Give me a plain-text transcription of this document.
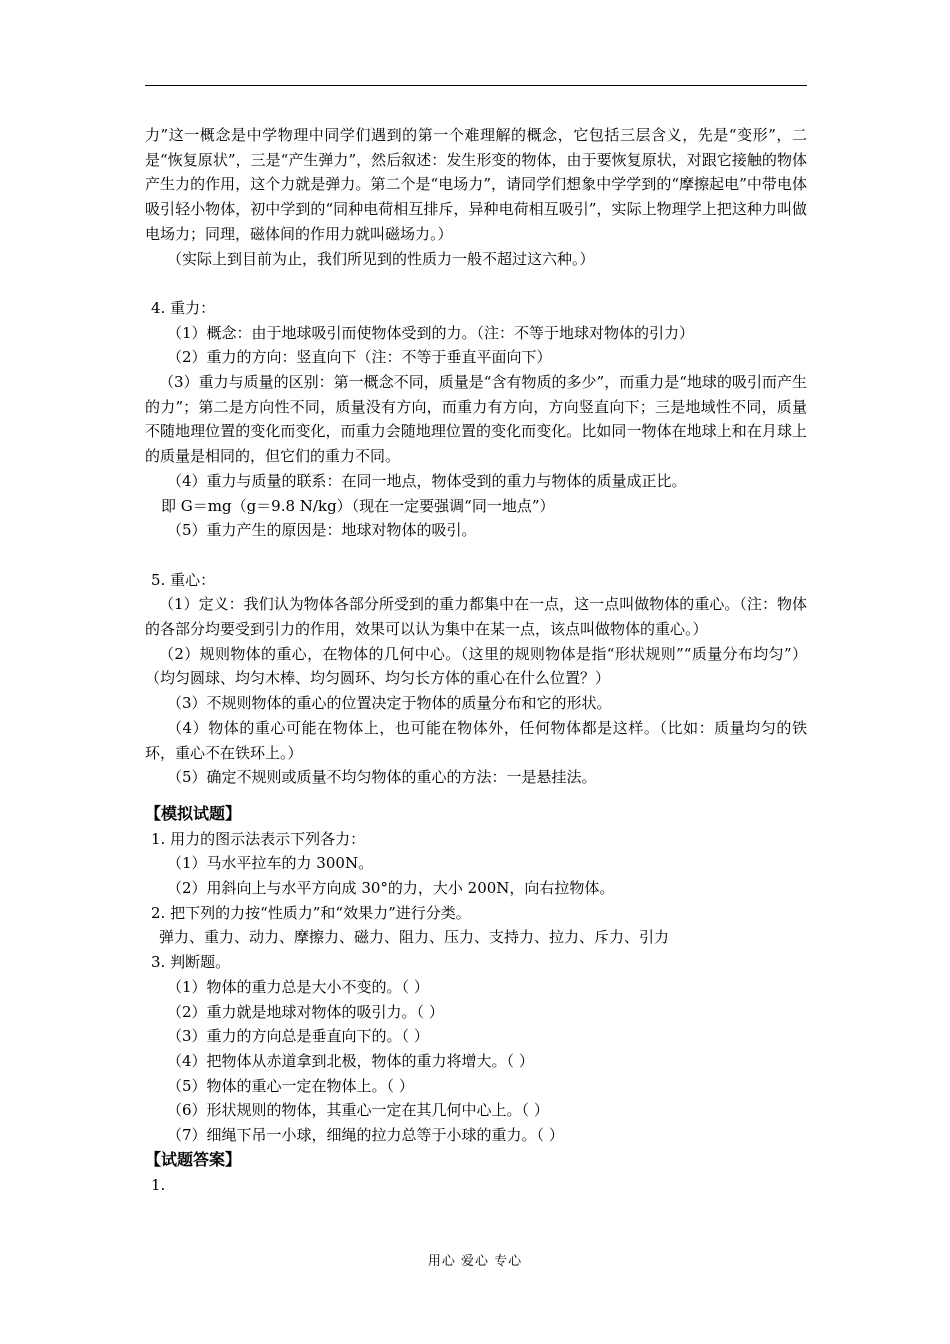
力”这一概念是中学物理中同学们遇到的第一个难理解的概念，它包括三层含义，先是“变形”，二是“恢复原状”，三是“产生弹力”，然后叙述：发生形变的物体，由于要恢复原状，对跟它接触的物体产生力的作用，这个力就是弹力。第二个是“电场力”，请同学们想象中学学到的“摩擦起电”中带电体吸引轻小物体，初中学到的“同种电荷相互排斥，异种电荷相互吸引”，实际上物理学上把这种力叫做电场力；同理，磁体间的作用力就叫磁场力。）

（实际上到目前为止，我们所见到的性质力一般不超过这六种。）

4. 重力：

（1）概念：由于地球吸引而使物体受到的力。（注：不等于地球对物体的引力）

（2）重力的方向：竖直向下（注：不等于垂直平面向下）

（3）重力与质量的区别：第一概念不同，质量是“含有物质的多少”，而重力是“地球的吸引而产生的力”；第二是方向性不同，质量没有方向，而重力有方向，方向竖直向下；三是地域性不同，质量不随地理位置的变化而变化，而重力会随地理位置的变化而变化。比如同一物体在地球上和在月球上的质量是相同的，但它们的重力不同。

（4）重力与质量的联系：在同一地点，物体受到的重力与物体的质量成正比。

即 G＝mg（g＝9.8 N/kg）（现在一定要强调“同一地点”）

（5）重力产生的原因是：地球对物体的吸引。

5. 重心：

（1）定义：我们认为物体各部分所受到的重力都集中在一点，这一点叫做物体的重心。（注：物体的各部分均要受到引力的作用，效果可以认为集中在某一点，该点叫做物体的重心。）

（2）规则物体的重心，在物体的几何中心。（这里的规则物体是指“形状规则”“质量分布均匀”）（均匀圆球、均匀木棒、均匀圆环、均匀长方体的重心在什么位置？）

（3）不规则物体的重心的位置决定于物体的质量分布和它的形状。

（4）物体的重心可能在物体上，也可能在物体外，任何物体都是这样。（比如：质量均匀的铁环，重心不在铁环上。）

（5）确定不规则或质量不均匀物体的重心的方法：一是悬挂法。

【模拟试题】

1. 用力的图示法表示下列各力：

（1）马水平拉车的力 300N。

（2）用斜向上与水平方向成 30°的力，大小 200N，向右拉物体。

2. 把下列的力按“性质力”和“效果力”进行分类。

弹力、重力、动力、摩擦力、磁力、阻力、压力、支持力、拉力、斥力、引力

3. 判断题。

（1）物体的重力总是大小不变的。（ ）

（2）重力就是地球对物体的吸引力。（ ）

（3）重力的方向总是垂直向下的。（ ）

（4）把物体从赤道拿到北极，物体的重力将增大。（ ）

（5）物体的重心一定在物体上。（ ）

（6）形状规则的物体，其重心一定在其几何中心上。（ ）

（7）细绳下吊一小球，细绳的拉力总等于小球的重力。（ ）

【试题答案】

1.

用心 爱心 专心
